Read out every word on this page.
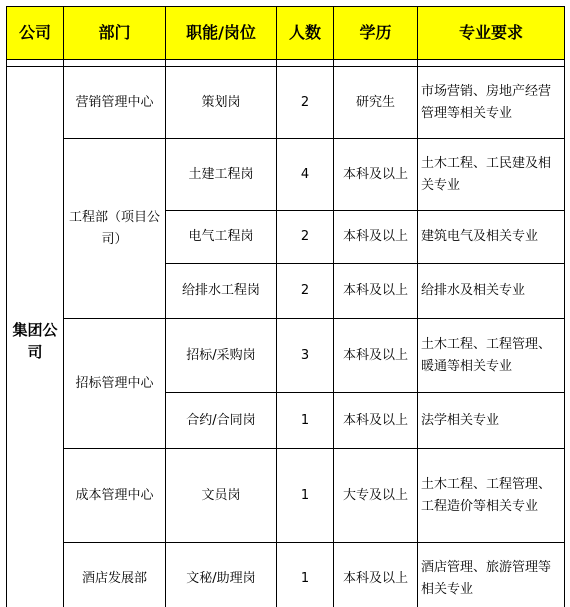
公司	部门	职能/岗位	人数	学历	专业要求

集团公司	营销管理中心	策划岗	2	研究生	市场营销、房地产经营管理等相关专业
	工程部（项目公司）	土建工程岗	4	本科及以上	土木工程、工民建及相关专业
		电气工程岗	2	本科及以上	建筑电气及相关专业
		给排水工程岗	2	本科及以上	给排水及相关专业
	招标管理中心	招标/采购岗	3	本科及以上	土木工程、工程管理、暖通等相关专业
		合约/合同岗	1	本科及以上	法学相关专业
	成本管理中心	文员岗	1	大专及以上	土木工程、工程管理、工程造价等相关专业
	酒店发展部	文秘/助理岗	1	本科及以上	酒店管理、旅游管理等相关专业
